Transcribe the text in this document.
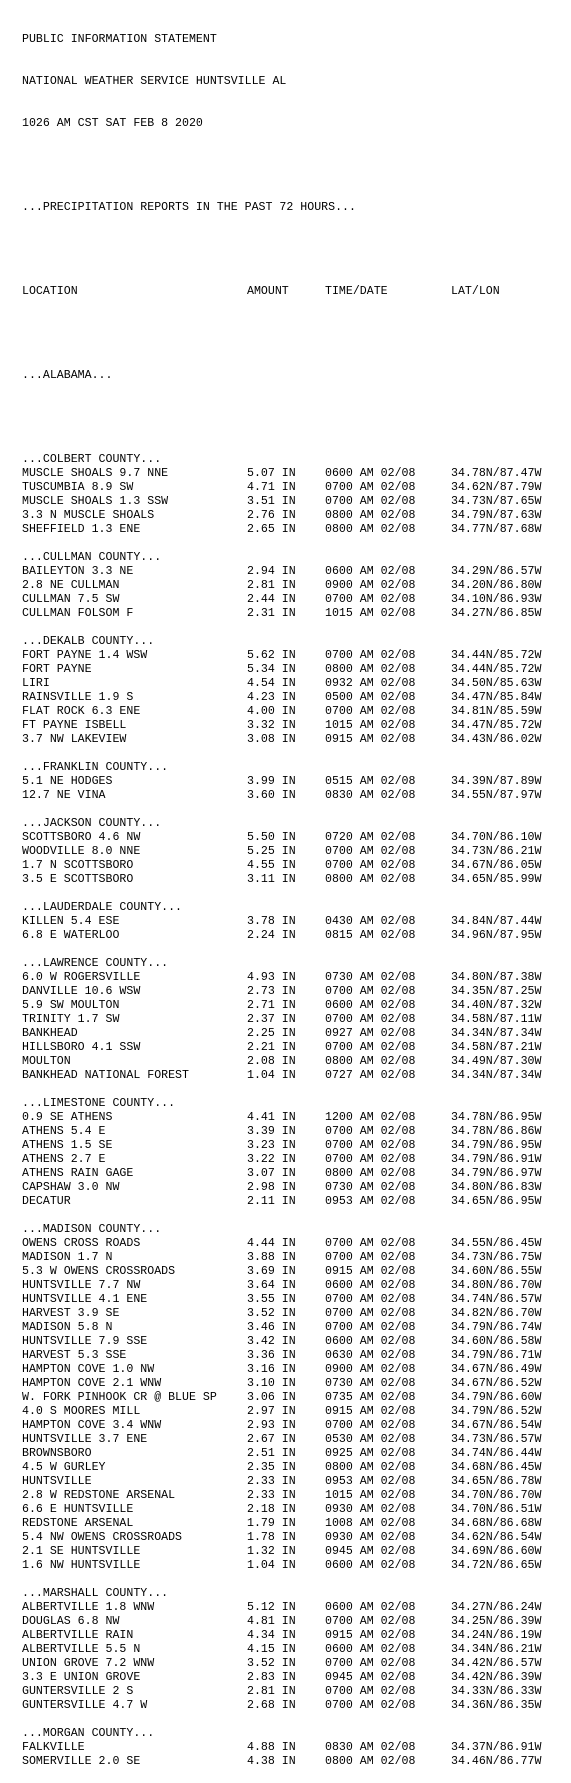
PUBLIC INFORMATION STATEMENT

NATIONAL WEATHER SERVICE HUNTSVILLE AL

1026 AM CST SAT FEB 8 2020

...PRECIPITATION REPORTS IN THE PAST 72 HOURS...

LOCATION	AMOUNT	TIME/DATE	LAT/LON

...ALABAMA...

...COLBERT COUNTY...
MUSCLE SHOALS 9.7 NNE	5.07 IN	0600 AM 02/08	34.78N/87.47W
TUSCUMBIA 8.9 SW	4.71 IN	0700 AM 02/08	34.62N/87.79W
MUSCLE SHOALS 1.3 SSW	3.51 IN	0700 AM 02/08	34.73N/87.65W
3.3 N MUSCLE SHOALS	2.76 IN	0800 AM 02/08	34.79N/87.63W
SHEFFIELD 1.3 ENE	2.65 IN	0800 AM 02/08	34.77N/87.68W
...CULLMAN COUNTY...
BAILEYTON 3.3 NE	2.94 IN	0600 AM 02/08	34.29N/86.57W
2.8 NE CULLMAN	2.81 IN	0900 AM 02/08	34.20N/86.80W
CULLMAN 7.5 SW	2.44 IN	0700 AM 02/08	34.10N/86.93W
CULLMAN FOLSOM F	2.31 IN	1015 AM 02/08	34.27N/86.85W
...DEKALB COUNTY...
FORT PAYNE 1.4 WSW	5.62 IN	0700 AM 02/08	34.44N/85.72W
FORT PAYNE	5.34 IN	0800 AM 02/08	34.44N/85.72W
LIRI	4.54 IN	0932 AM 02/08	34.50N/85.63W
RAINSVILLE 1.9 S	4.23 IN	0500 AM 02/08	34.47N/85.84W
FLAT ROCK 6.3 ENE	4.00 IN	0700 AM 02/08	34.81N/85.59W
FT PAYNE ISBELL	3.32 IN	1015 AM 02/08	34.47N/85.72W
3.7 NW LAKEVIEW	3.08 IN	0915 AM 02/08	34.43N/86.02W
...FRANKLIN COUNTY...
5.1 NE HODGES	3.99 IN	0515 AM 02/08	34.39N/87.89W
12.7 NE VINA	3.60 IN	0830 AM 02/08	34.55N/87.97W
...JACKSON COUNTY...
SCOTTSBORO 4.6 NW	5.50 IN	0720 AM 02/08	34.70N/86.10W
WOODVILLE 8.0 NNE	5.25 IN	0700 AM 02/08	34.73N/86.21W
1.7 N SCOTTSBORO	4.55 IN	0700 AM 02/08	34.67N/86.05W
3.5 E SCOTTSBORO	3.11 IN	0800 AM 02/08	34.65N/85.99W
...LAUDERDALE COUNTY...
KILLEN 5.4 ESE	3.78 IN	0430 AM 02/08	34.84N/87.44W
6.8 E WATERLOO	2.24 IN	0815 AM 02/08	34.96N/87.95W
...LAWRENCE COUNTY...
6.0 W ROGERSVILLE	4.93 IN	0730 AM 02/08	34.80N/87.38W
DANVILLE 10.6 WSW	2.73 IN	0700 AM 02/08	34.35N/87.25W
5.9 SW MOULTON	2.71 IN	0600 AM 02/08	34.40N/87.32W
TRINITY 1.7 SW	2.37 IN	0700 AM 02/08	34.58N/87.11W
BANKHEAD	2.25 IN	0927 AM 02/08	34.34N/87.34W
HILLSBORO 4.1 SSW	2.21 IN	0700 AM 02/08	34.58N/87.21W
MOULTON	2.08 IN	0800 AM 02/08	34.49N/87.30W
BANKHEAD NATIONAL FOREST	1.04 IN	0727 AM 02/08	34.34N/87.34W
...LIMESTONE COUNTY...
0.9 SE ATHENS	4.41 IN	1200 AM 02/08	34.78N/86.95W
ATHENS 5.4 E	3.39 IN	0700 AM 02/08	34.78N/86.86W
ATHENS 1.5 SE	3.23 IN	0700 AM 02/08	34.79N/86.95W
ATHENS 2.7 E	3.22 IN	0700 AM 02/08	34.79N/86.91W
ATHENS RAIN GAGE	3.07 IN	0800 AM 02/08	34.79N/86.97W
CAPSHAW 3.0 NW	2.98 IN	0730 AM 02/08	34.80N/86.83W
DECATUR	2.11 IN	0953 AM 02/08	34.65N/86.95W
...MADISON COUNTY...
OWENS CROSS ROADS	4.44 IN	0700 AM 02/08	34.55N/86.45W
MADISON 1.7 N	3.88 IN	0700 AM 02/08	34.73N/86.75W
5.3 W OWENS CROSSROADS	3.69 IN	0915 AM 02/08	34.60N/86.55W
HUNTSVILLE 7.7 NW	3.64 IN	0600 AM 02/08	34.80N/86.70W
HUNTSVILLE 4.1 ENE	3.55 IN	0700 AM 02/08	34.74N/86.57W
HARVEST 3.9 SE	3.52 IN	0700 AM 02/08	34.82N/86.70W
MADISON 5.8 N	3.46 IN	0700 AM 02/08	34.79N/86.74W
HUNTSVILLE 7.9 SSE	3.42 IN	0600 AM 02/08	34.60N/86.58W
HARVEST 5.3 SSE	3.36 IN	0630 AM 02/08	34.79N/86.71W
HAMPTON COVE 1.0 NW	3.16 IN	0900 AM 02/08	34.67N/86.49W
HAMPTON COVE 2.1 WNW	3.10 IN	0730 AM 02/08	34.67N/86.52W
W. FORK PINHOOK CR @ BLUE SP	3.06 IN	0735 AM 02/08	34.79N/86.60W
4.0 S MOORES MILL	2.97 IN	0915 AM 02/08	34.79N/86.52W
HAMPTON COVE 3.4 WNW	2.93 IN	0700 AM 02/08	34.67N/86.54W
HUNTSVILLE 3.7 ENE	2.67 IN	0530 AM 02/08	34.73N/86.57W
BROWNSBORO	2.51 IN	0925 AM 02/08	34.74N/86.44W
4.5 W GURLEY	2.35 IN	0800 AM 02/08	34.68N/86.45W
HUNTSVILLE	2.33 IN	0953 AM 02/08	34.65N/86.78W
2.8 W REDSTONE ARSENAL	2.33 IN	1015 AM 02/08	34.70N/86.70W
6.6 E HUNTSVILLE	2.18 IN	0930 AM 02/08	34.70N/86.51W
REDSTONE ARSENAL	1.79 IN	1008 AM 02/08	34.68N/86.68W
5.4 NW OWENS CROSSROADS	1.78 IN	0930 AM 02/08	34.62N/86.54W
2.1 SE HUNTSVILLE	1.32 IN	0945 AM 02/08	34.69N/86.60W
1.6 NW HUNTSVILLE	1.04 IN	0600 AM 02/08	34.72N/86.65W
...MARSHALL COUNTY...
ALBERTVILLE 1.8 WNW	5.12 IN	0600 AM 02/08	34.27N/86.24W
DOUGLAS 6.8 NW	4.81 IN	0700 AM 02/08	34.25N/86.39W
ALBERTVILLE RAIN	4.34 IN	0915 AM 02/08	34.24N/86.19W
ALBERTVILLE 5.5 N	4.15 IN	0600 AM 02/08	34.34N/86.21W
UNION GROVE 7.2 WNW	3.52 IN	0700 AM 02/08	34.42N/86.57W
3.3 E UNION GROVE	2.83 IN	0945 AM 02/08	34.42N/86.39W
GUNTERSVILLE 2 S	2.81 IN	0700 AM 02/08	34.33N/86.33W
GUNTERSVILLE 4.7 W	2.68 IN	0700 AM 02/08	34.36N/86.35W
...MORGAN COUNTY...
FALKVILLE	4.88 IN	0830 AM 02/08	34.37N/86.91W
SOMERVILLE 2.0 SE	4.38 IN	0800 AM 02/08	34.46N/86.77W
